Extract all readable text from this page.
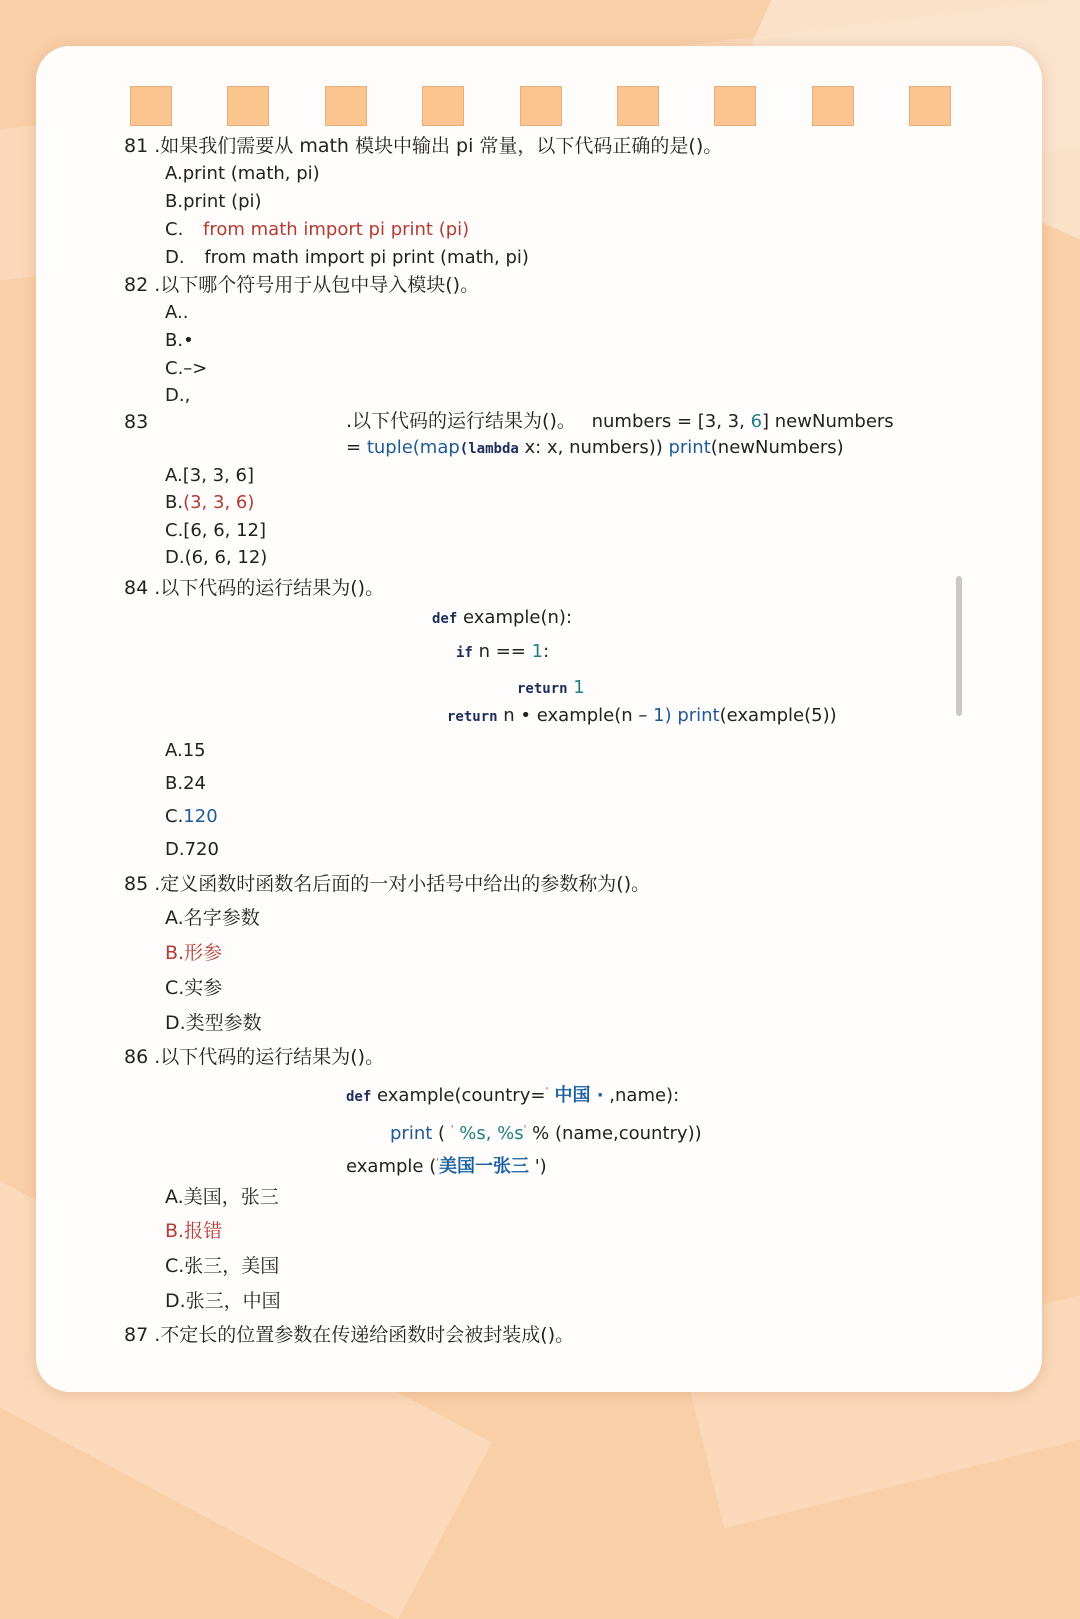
81 .如果我们需要从 math 模块中输出 pi 常量，以下代码正确的是()。
A.print (math, pi)
B.print (pi)
C. from math import pi print (pi)
D. from math import pi print (math, pi)
82 .以下哪个符号用于从包中导入模块()。
A..
B.•
C.–>
D.,
83	.以下代码的运行结果为()。 numbers = [3, 3, 6] newNumbers
= tuple(map(lambda x: x, numbers)) print(newNumbers)
A.[3, 3, 6]
B.(3, 3, 6)
C.[6, 6, 12]
D.(6, 6, 12)
84 .以下代码的运行结果为()。
def example(n):
if n == 1:
return 1
return n • example(n – 1) print(example(5))
A.15
B.24
C.120
D.720
85 .定义函数时函数名后面的一对小括号中给出的参数称为()。
A.名字参数
B.形参
C.实参
D.类型参数
86 .以下代码的运行结果为()。
def example(country=' 中国 · ,name):
print ( ' %s, %s' % (name,country))
example ('美国一张三 ')
A.美国，张三
B.报错
C.张三，美国
D.张三，中国
87 .不定长的位置参数在传递给函数时会被封装成()。
